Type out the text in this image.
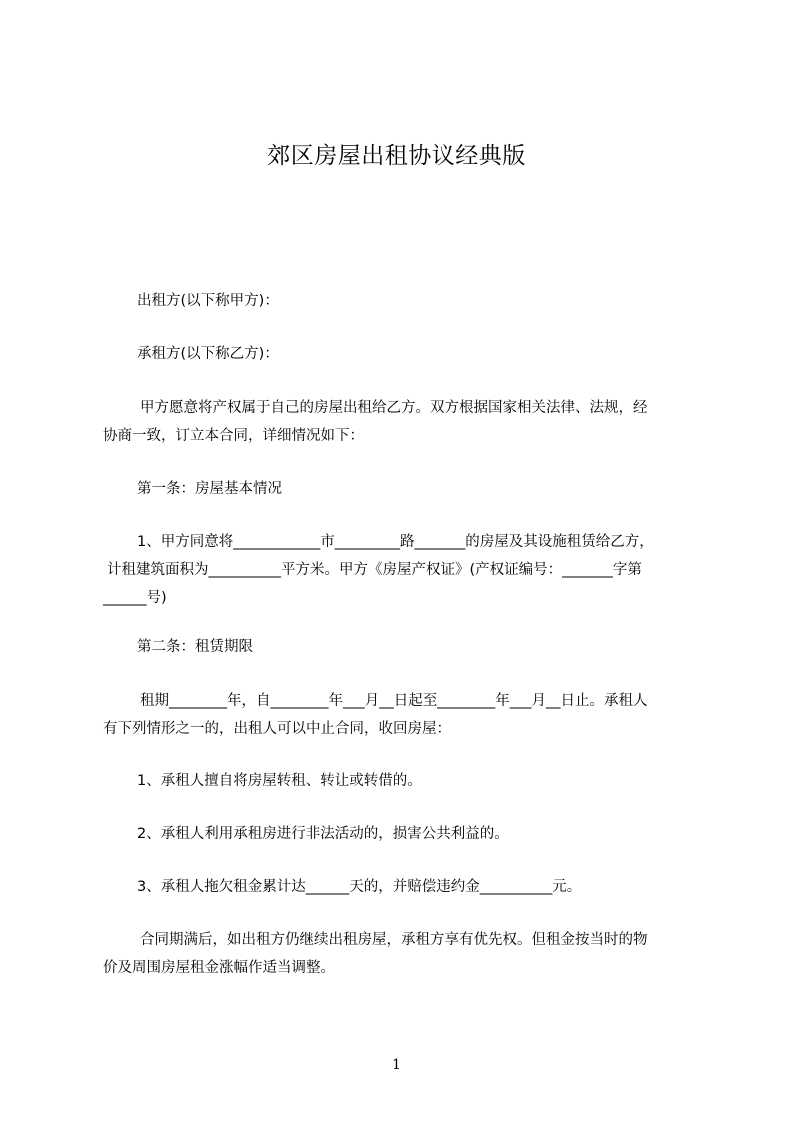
郊区房屋出租协议经典版

出租方(以下称甲方)：

承租方(以下称乙方)：

甲方愿意将产权属于自己的房屋出租给乙方。双方根据国家相关法律、法规，经
协商一致，订立本合同，详细情况如下：

第一条：房屋基本情况

1、甲方同意将____________市_________路_______的房屋及其设施租赁给乙方，
计租建筑面积为__________平方米。甲方《房屋产权证》(产权证编号：_______字第
______号)

第二条：租赁期限

租期________年，自________年___月__日起至________年___月__日止。承租人
有下列情形之一的，出租人可以中止合同，收回房屋：

1、承租人擅自将房屋转租、转让或转借的。

2、承租人利用承租房进行非法活动的，损害公共利益的。

3、承租人拖欠租金累计达______天的，并赔偿违约金__________元。

合同期满后，如出租方仍继续出租房屋，承租方享有优先权。但租金按当时的物
价及周围房屋租金涨幅作适当调整。
1
